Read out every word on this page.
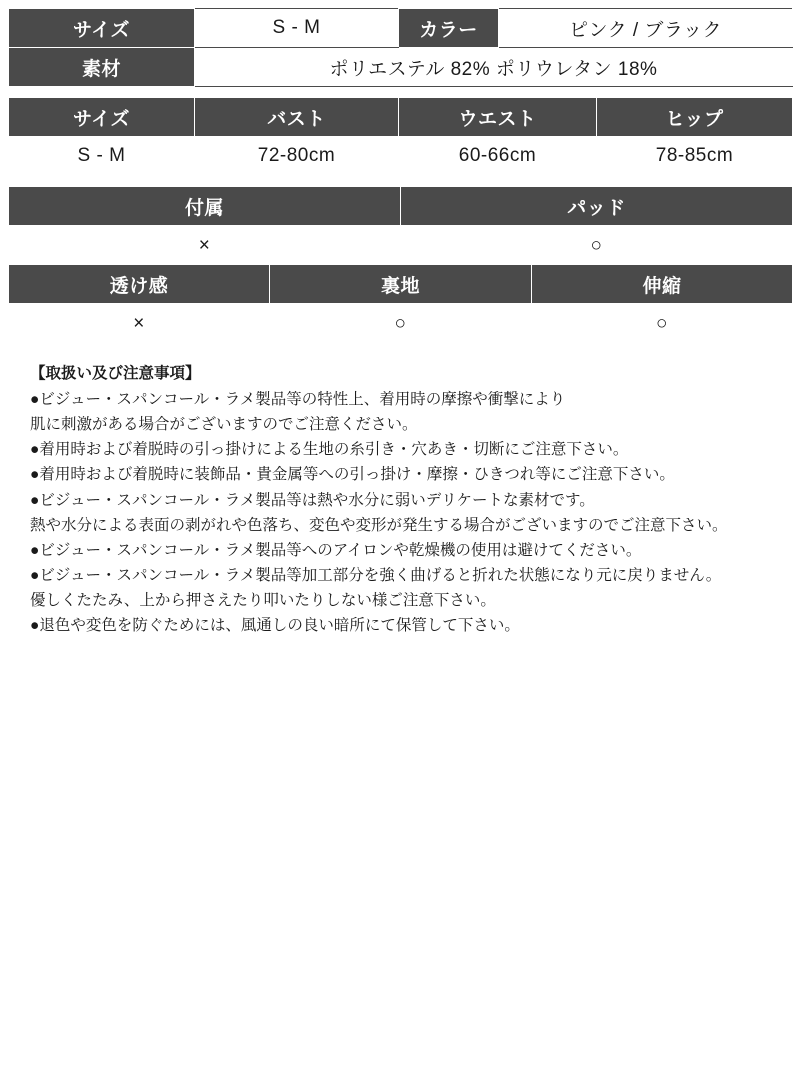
サイズ	S - M	カラー	ピンク / ブラック
素材	ポリエステル 82% ポリウレタン 18%		
サイズ	バスト	ウエスト	ヒップ
S - M	72-80cm	60-66cm	78-85cm
付属		パッド	
×		○	
透け感	裏地		伸縮
×	○		○

【取扱い及び注意事項】

●ビジュー・スパンコール・ラメ製品等の特性上、着用時の摩擦や衝撃により

肌に刺激がある場合がございますのでご注意ください。

●着用時および着脱時の引っ掛けによる生地の糸引き・穴あき・切断にご注意下さい。

●着用時および着脱時に装飾品・貴金属等への引っ掛け・摩擦・ひきつれ等にご注意下さい。

●ビジュー・スパンコール・ラメ製品等は熱や水分に弱いデリケートな素材です。

熱や水分による表面の剥がれや色落ち、変色や変形が発生する場合がございますのでご注意下さい。

●ビジュー・スパンコール・ラメ製品等へのアイロンや乾燥機の使用は避けてください。

●ビジュー・スパンコール・ラメ製品等加工部分を強く曲げると折れた状態になり元に戻りません。

優しくたたみ、上から押さえたり叩いたりしない様ご注意下さい。

●退色や変色を防ぐためには、風通しの良い暗所にて保管して下さい。
